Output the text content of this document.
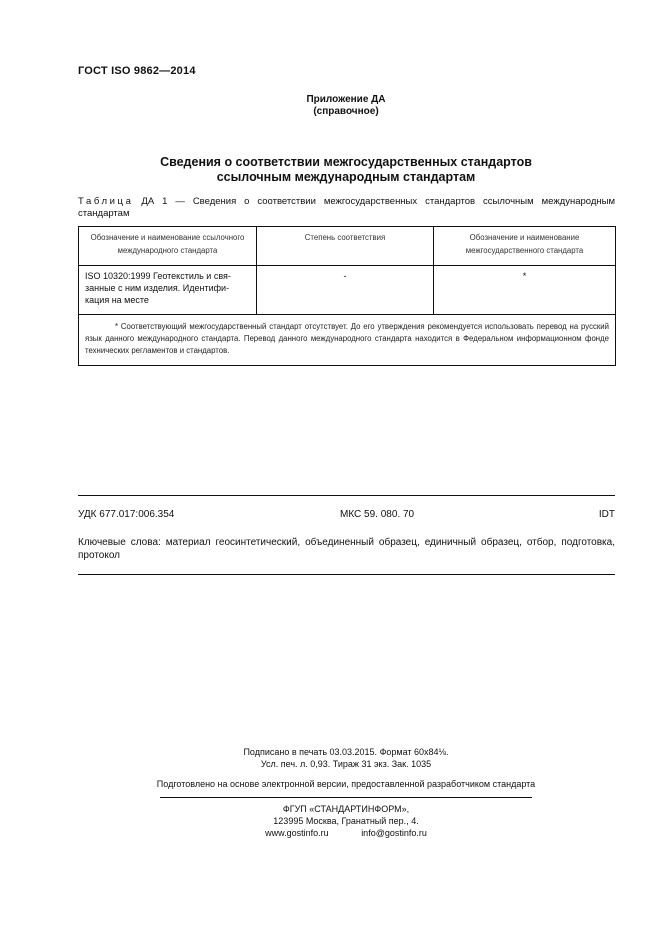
ГОСТ ISO 9862—2014
Приложение ДА
(справочное)
Сведения о соответствии межгосударственных стандартов
ссылочным международным стандартам
Таблица ДА 1 — Сведения о соответствии межгосударственных стандартов ссылочным международным стандартам
Обозначение и наименование ссылочного международного стандарта	Степень соответствия	Обозначение и наименование межгосударственного стандарта
ISO 10320:1999 Геотекстиль и свя-занные с ним изделия. Идентифи-кация на месте	-	*
* Соответствующий межгосударственный стандарт отсутствует. До его утверждения рекомендуется использовать перевод на русский язык данного международного стандарта. Перевод данного международного стандарта находится в Федеральном информационном фонде технических регламентов и стандартов.		
УДК 677.017:006.354	МКС 59. 080. 70	IDT
Ключевые слова: материал геосинтетический, объединенный образец, единичный образец, отбор, подготовка, протокол
Подписано в печать 03.03.2015. Формат 60x84⅛.
Усл. печ. л. 0,93. Тираж 31 экз. Зак. 1035
Подготовлено на основе электронной версии, предоставленной разработчиком стандарта
ФГУП «СТАНДАРТИНФОРМ»,
123995 Москва, Гранатный пер., 4.
www.gostinfo.ru	info@gostinfo.ru
